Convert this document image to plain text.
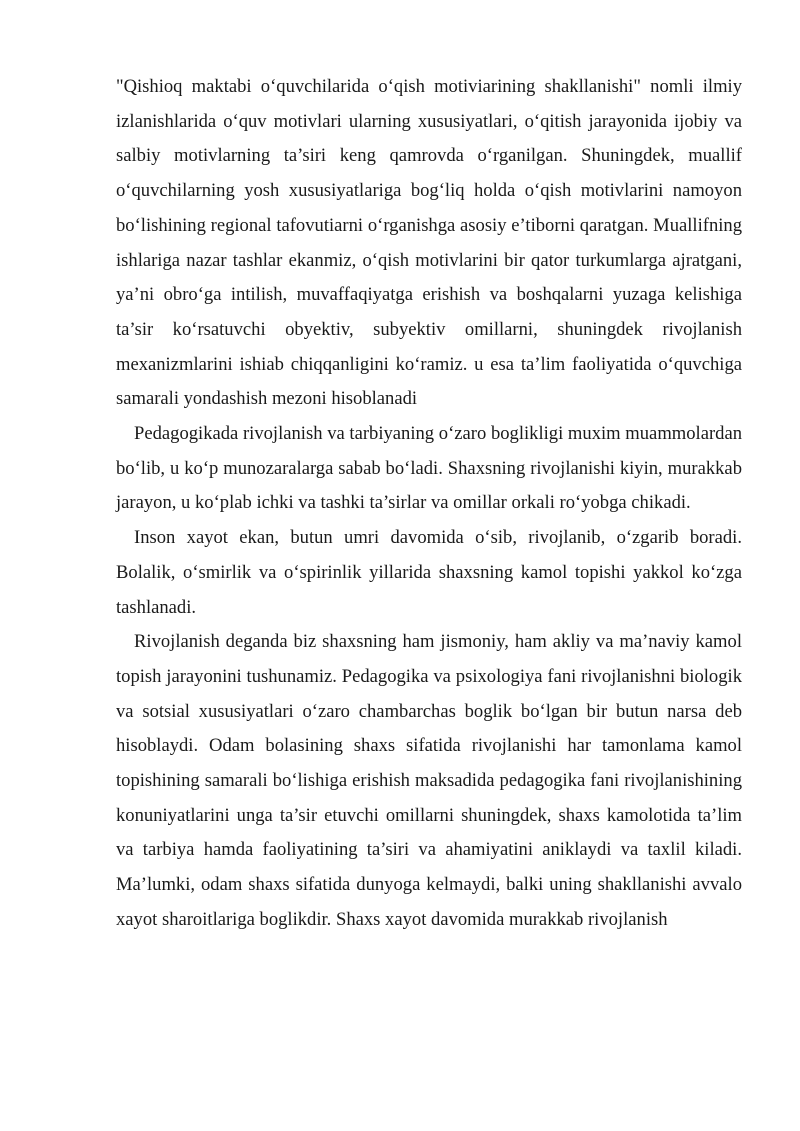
"Qishioq maktabi o‘quvchilarida o‘qish motiviarining shakllanishi" nomli ilmiy izlanishlarida o‘quv motivlari ularning xususiyatlari, o‘qitish jarayonida ijobiy va salbiy motivlarning ta’siri keng qamrovda o‘rganilgan. Shuningdek, muallif o‘quvchilarning yosh xususiyatlariga bog‘liq holda o‘qish motivlarini namoyon bo‘lishining regional tafovutiarni o‘rganishga asosiy e’tiborni qaratgan. Muallifning ishlariga nazar tashlar ekanmiz, o‘qish motivlarini bir qator turkumlarga ajratgani, ya’ni obro‘ga intilish, muvaffaqiyatga erishish va boshqalarni yuzaga kelishiga ta’sir ko‘rsatuvchi obyektiv, subyektiv omillarni, shuningdek rivojlanish mexanizmlarini ishiab chiqqanligini ko‘ramiz. u esa ta’lim faoliyatida o‘quvchiga samarali yondashish mezoni hisoblanadi

Pedagogikada rivojlanish va tarbiyaning o‘zaro boglikligi muxim muammolardan bo‘lib, u ko‘p munozaralarga sabab bo‘ladi. Shaxsning rivojlanishi kiyin, murakkab jarayon, u ko‘plab ichki va tashki ta’sirlar va omillar orkali ro‘yobga chikadi.

Inson xayot ekan, butun umri davomida o‘sib, rivojlanib, o‘zgarib boradi. Bolalik, o‘smirlik va o‘spirinlik yillarida shaxsning kamol topishi yakkol ko‘zga tashlanadi.

Rivojlanish deganda biz shaxsning ham jismoniy, ham akliy va ma’naviy kamol topish jarayonini tushunamiz. Pedagogika va psixologiya fani rivojlanishni biologik va sotsial xususiyatlari o‘zaro chambarchas boglik bo‘lgan bir butun narsa deb hisoblaydi. Odam bolasining shaxs sifatida rivojlanishi har tamonlama kamol topishining samarali bo‘lishiga erishish maksadida pedagogika fani rivojlanishining konuniyatlarini unga ta’sir etuvchi omillarni shuningdek, shaxs kamolotida ta’lim va tarbiya hamda faoliyatining ta’siri va ahamiyatini aniklaydi va taxlil kiladi. Ma’lumki, odam shaxs sifatida dunyoga kelmaydi, balki uning shakllanishi avvalo xayot sharoitlariga boglikdir. Shaxs xayot davomida murakkab rivojlanish
